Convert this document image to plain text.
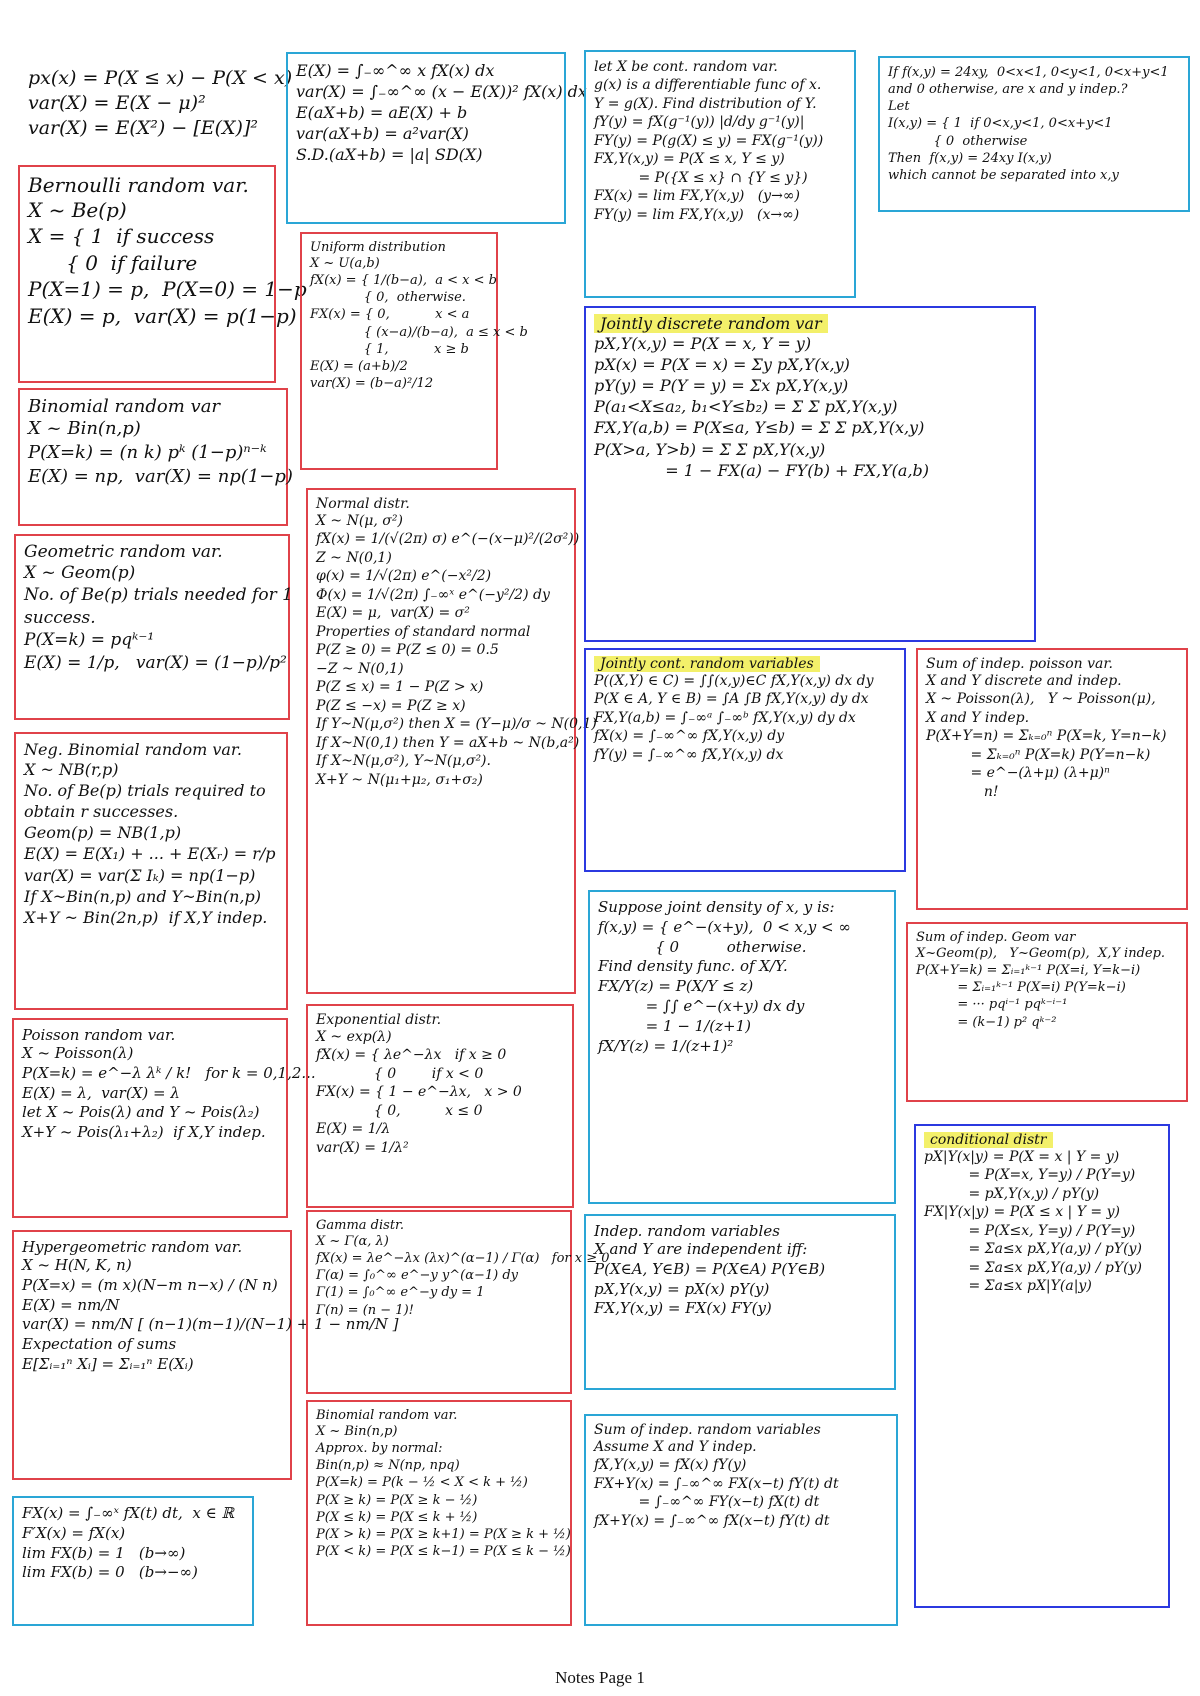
px(x) = P(X ≤ x) − P(X < x)
var(X) = E(X − μ)²
var(X) = E(X²) − [E(X)]²
Bernoulli random var.
X ~ Be(p)
X = { 1  if success
{ 0  if failure
P(X=1) = p,  P(X=0) = 1−p
E(X) = p,  var(X) = p(1−p)
Binomial random var
X ~ Bin(n,p)
P(X=k) = (n k) pᵏ (1−p)ⁿ⁻ᵏ
E(X) = np,  var(X) = np(1−p)
Geometric random var.
X ~ Geom(p)
No. of Be(p) trials needed for 1
success.
P(X=k) = pqᵏ⁻¹
E(X) = 1/p,   var(X) = (1−p)/p²
Neg. Binomial random var.
X ~ NB(r,p)
No. of Be(p) trials required to
obtain r successes.
Geom(p) = NB(1,p)
E(X) = E(X₁) + ... + E(Xᵣ) = r/p
var(X) = var(Σ Iₖ) = np(1−p)
If X~Bin(n,p) and Y~Bin(n,p)
X+Y ~ Bin(2n,p)  if X,Y indep.
Poisson random var.
X ~ Poisson(λ)
P(X=k) = e^−λ λᵏ / k!   for k = 0,1,2...
E(X) = λ,  var(X) = λ
let X ~ Pois(λ) and Y ~ Pois(λ₂)
X+Y ~ Pois(λ₁+λ₂)  if X,Y indep.
Hypergeometric random var.
X ~ H(N, K, n)
P(X=x) = (m x)(N−m n−x) / (N n)
E(X) = nm/N
var(X) = nm/N [ (n−1)(m−1)/(N−1) + 1 − nm/N ]
Expectation of sums
E[Σᵢ₌₁ⁿ Xᵢ] = Σᵢ₌₁ⁿ E(Xᵢ)
FX(x) = ∫₋∞ˣ fX(t) dt,  x ∈ ℝ
F′X(x) = fX(x)
lim FX(b) = 1   (b→∞)
lim FX(b) = 0   (b→−∞)
E(X) = ∫₋∞^∞ x fX(x) dx
var(X) = ∫₋∞^∞ (x − E(X))² fX(x) dx
E(aX+b) = aE(X) + b
var(aX+b) = a²var(X)
S.D.(aX+b) = |a| SD(X)
Uniform distribution
X ~ U(a,b)
fX(x) = { 1/(b−a),  a < x < b
{ 0,  otherwise.
FX(x) = { 0,           x < a
{ (x−a)/(b−a),  a ≤ x < b
{ 1,           x ≥ b
E(X) = (a+b)/2
var(X) = (b−a)²/12
Normal distr.
X ~ N(μ, σ²)
fX(x) = 1/(√(2π) σ) e^(−(x−μ)²/(2σ²))
Z ~ N(0,1)
φ(x) = 1/√(2π) e^(−x²/2)
Φ(x) = 1/√(2π) ∫₋∞ˣ e^(−y²/2) dy
E(X) = μ,  var(X) = σ²
Properties of standard normal
P(Z ≥ 0) = P(Z ≤ 0) = 0.5
−Z ~ N(0,1)
P(Z ≤ x) = 1 − P(Z > x)
P(Z ≤ −x) = P(Z ≥ x)
If Y~N(μ,σ²) then X = (Y−μ)/σ ~ N(0,1)
If X~N(0,1) then Y = aX+b ~ N(b,a²)
If X~N(μ,σ²), Y~N(μ,σ²).
X+Y ~ N(μ₁+μ₂, σ₁+σ₂)
Exponential distr.
X ~ exp(λ)
fX(x) = { λe^−λx   if x ≥ 0
{ 0        if x < 0
FX(x) = { 1 − e^−λx,   x > 0
{ 0,          x ≤ 0
E(X) = 1/λ
var(X) = 1/λ²
Gamma distr.
X ~ Γ(α, λ)
fX(x) = λe^−λx (λx)^(α−1) / Γ(α)   for x ≥ 0
Γ(α) = ∫₀^∞ e^−y y^(α−1) dy
Γ(1) = ∫₀^∞ e^−y dy = 1
Γ(n) = (n − 1)!
Binomial random var.
X ~ Bin(n,p)
Approx. by normal:
Bin(n,p) ≈ N(np, npq)
P(X=k) = P(k − ½ < X < k + ½)
P(X ≥ k) = P(X ≥ k − ½)
P(X ≤ k) = P(X ≤ k + ½)
P(X > k) = P(X ≥ k+1) = P(X ≥ k + ½)
P(X < k) = P(X ≤ k−1) = P(X ≤ k − ½)
let X be cont. random var.
g(x) is a differentiable func of x.
Y = g(X). Find distribution of Y.
fY(y) = fX(g⁻¹(y)) |d/dy g⁻¹(y)|
FY(y) = P(g(X) ≤ y) = FX(g⁻¹(y))
FX,Y(x,y) = P(X ≤ x, Y ≤ y)
= P({X ≤ x} ∩ {Y ≤ y})
FX(x) = lim FX,Y(x,y)   (y→∞)
FY(y) = lim FX,Y(x,y)   (x→∞)
Jointly discrete random var
pX,Y(x,y) = P(X = x, Y = y)
pX(x) = P(X = x) = Σy pX,Y(x,y)
pY(y) = P(Y = y) = Σx pX,Y(x,y)
P(a₁<X≤a₂, b₁<Y≤b₂) = Σ Σ pX,Y(x,y)
FX,Y(a,b) = P(X≤a, Y≤b) = Σ Σ pX,Y(x,y)
P(X>a, Y>b) = Σ Σ pX,Y(x,y)
= 1 − FX(a) − FY(b) + FX,Y(a,b)
Jointly cont. random variables
P((X,Y) ∈ C) = ∫∫(x,y)∈C fX,Y(x,y) dx dy
P(X ∈ A, Y ∈ B) = ∫A ∫B fX,Y(x,y) dy dx
FX,Y(a,b) = ∫₋∞ᵃ ∫₋∞ᵇ fX,Y(x,y) dy dx
fX(x) = ∫₋∞^∞ fX,Y(x,y) dy
fY(y) = ∫₋∞^∞ fX,Y(x,y) dx
Suppose joint density of x, y is:
f(x,y) = { e^−(x+y),  0 < x,y < ∞
{ 0          otherwise.
Find density func. of X/Y.
FX/Y(z) = P(X/Y ≤ z)
= ∫∫ e^−(x+y) dx dy
= 1 − 1/(z+1)
fX/Y(z) = 1/(z+1)²
Indep. random variables
X and Y are independent iff:
P(X∈A, Y∈B) = P(X∈A) P(Y∈B)
pX,Y(x,y) = pX(x) pY(y)
FX,Y(x,y) = FX(x) FY(y)
Sum of indep. random variables
Assume X and Y indep.
fX,Y(x,y) = fX(x) fY(y)
FX+Y(x) = ∫₋∞^∞ FX(x−t) fY(t) dt
= ∫₋∞^∞ FY(x−t) fX(t) dt
fX+Y(x) = ∫₋∞^∞ fX(x−t) fY(t) dt
If f(x,y) = 24xy,  0<x<1, 0<y<1, 0<x+y<1
and 0 otherwise, are x and y indep.?
Let
I(x,y) = { 1  if 0<x,y<1, 0<x+y<1
{ 0  otherwise
Then  f(x,y) = 24xy I(x,y)
which cannot be separated into x,y
Sum of indep. poisson var.
X and Y discrete and indep.
X ~ Poisson(λ),   Y ~ Poisson(μ),
X and Y indep.
P(X+Y=n) = Σₖ₌₀ⁿ P(X=k, Y=n−k)
= Σₖ₌₀ⁿ P(X=k) P(Y=n−k)
= e^−(λ+μ) (λ+μ)ⁿ
n!
Sum of indep. Geom var
X~Geom(p),   Y~Geom(p),  X,Y indep.
P(X+Y=k) = Σᵢ₌₁ᵏ⁻¹ P(X=i, Y=k−i)
= Σᵢ₌₁ᵏ⁻¹ P(X=i) P(Y=k−i)
= ··· pqⁱ⁻¹ pqᵏ⁻ⁱ⁻¹
= (k−1) p² qᵏ⁻²
conditional distr
pX|Y(x|y) = P(X = x | Y = y)
= P(X=x, Y=y) / P(Y=y)
= pX,Y(x,y) / pY(y)
FX|Y(x|y) = P(X ≤ x | Y = y)
= P(X≤x, Y=y) / P(Y=y)
= Σa≤x pX,Y(a,y) / pY(y)
= Σa≤x pX,Y(a,y) / pY(y)
= Σa≤x pX|Y(a|y)
Notes Page 1
